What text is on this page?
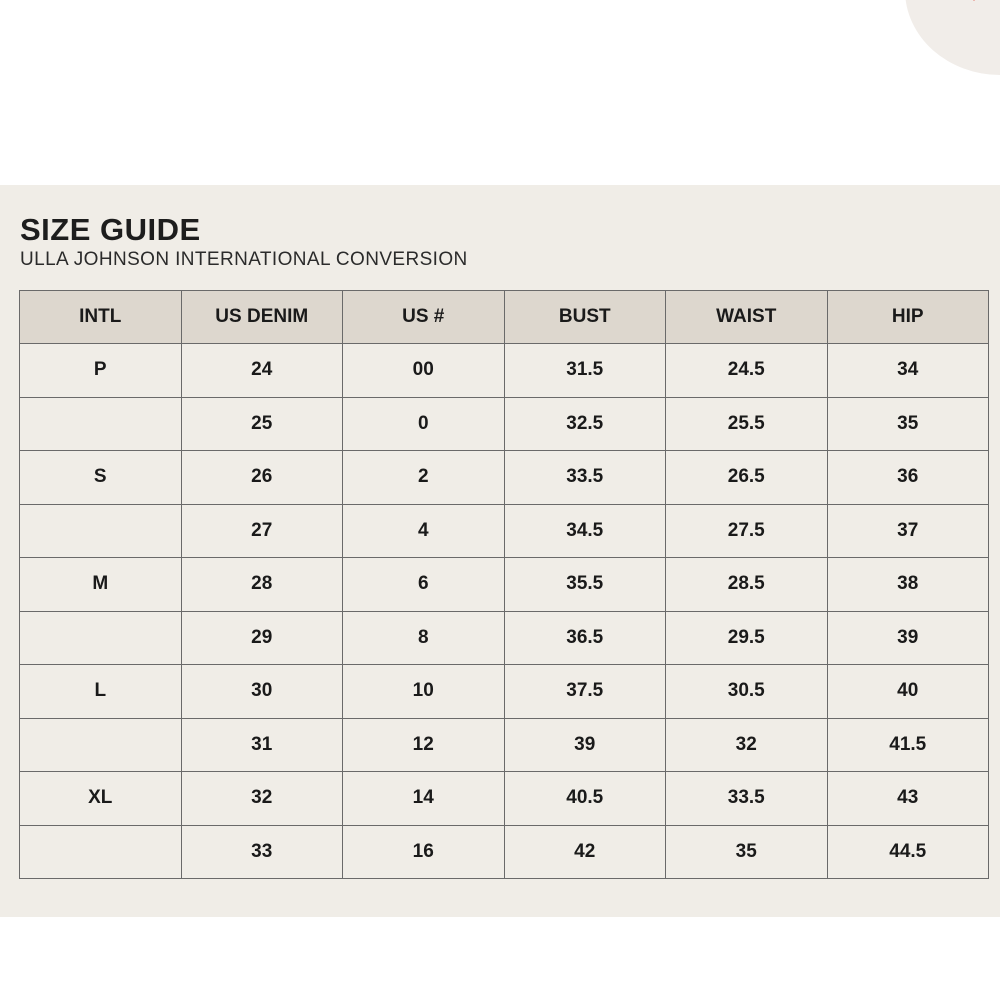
SIZE GUIDE

ULLA JOHNSON INTERNATIONAL CONVERSION

INTL	US DENIM	US #	BUST	WAIST	HIP
P	24	00	31.5	24.5	34
	25	0	32.5	25.5	35
S	26	2	33.5	26.5	36
	27	4	34.5	27.5	37
M	28	6	35.5	28.5	38
	29	8	36.5	29.5	39
L	30	10	37.5	30.5	40
	31	12	39	32	41.5
XL	32	14	40.5	33.5	43
	33	16	42	35	44.5
